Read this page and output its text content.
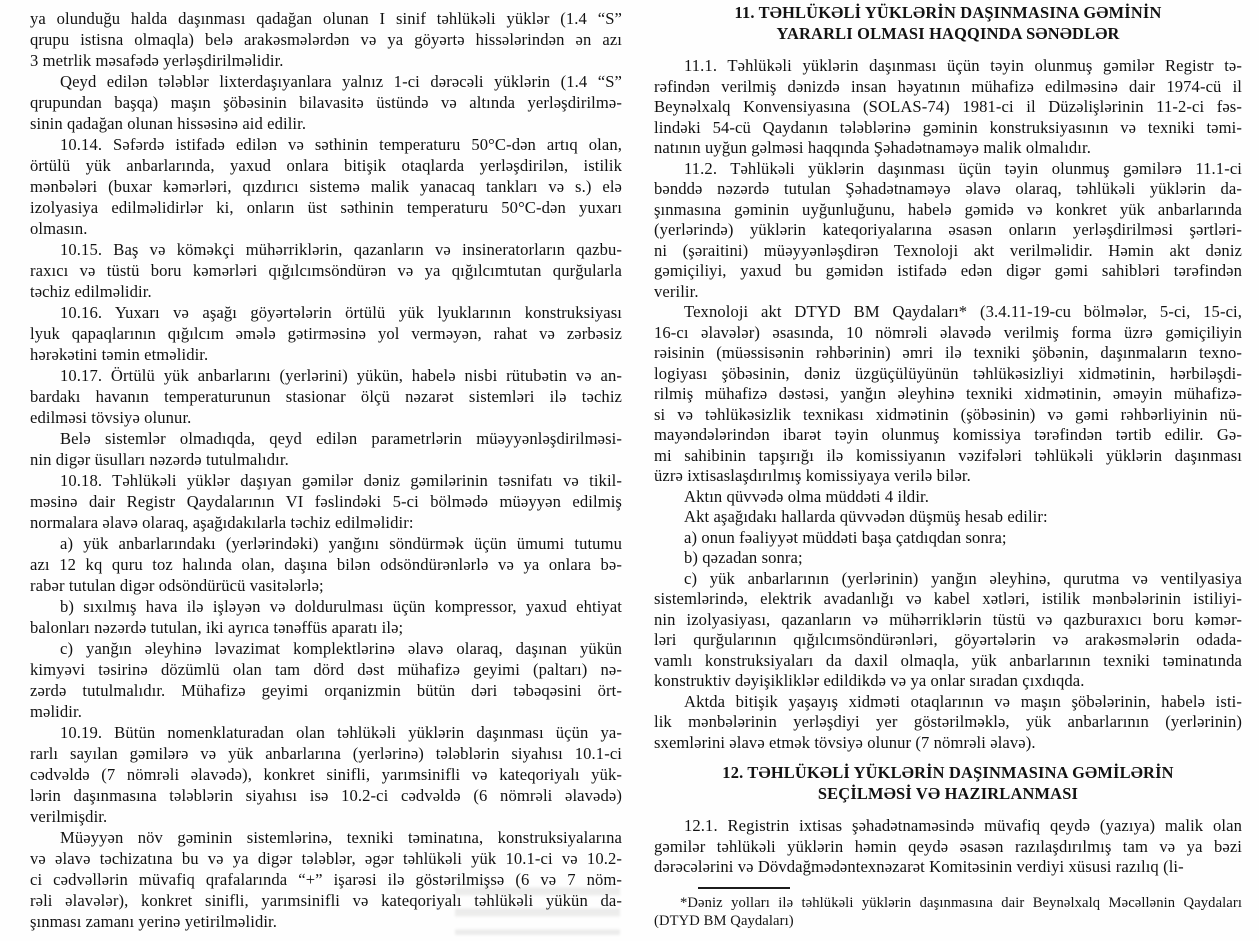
ya olunduğu halda daşınması qadağan olunan I sinif təhlükəli yüklər (1.4 “S”
qrupu istisna olmaqla) belə arakəsmələrdən və ya göyərtə hissələrindən ən azı
3 metrlik məsafədə yerləşdirilməlidir.
Qeyd edilən tələblər lixterdaşıyanlara yalnız 1-ci dərəcəli yüklərin (1.4 “S”
qrupundan başqa) maşın şöbəsinin bilavasitə üstündə və altında yerləşdirilmə-
sinin qadağan olunan hissəsinə aid edilir.
10.14. Səfərdə istifadə edilən və səthinin temperaturu 50°C-dən artıq olan,
örtülü yük anbarlarında, yaxud onlara bitişik otaqlarda yerləşdirilən, istilik
mənbələri (buxar kəmərləri, qızdırıcı sistemə malik yanacaq tankları və s.) elə
izolyasiya edilməlidirlər ki, onların üst səthinin temperaturu 50°C-dən yuxarı
olmasın.
10.15. Baş və köməkçi mühərriklərin, qazanların və insineratorların qazbu-
raxıcı və tüstü boru kəmərləri qığılcımsöndürən və ya qığılcımtutan qurğularla
təchiz edilməlidir.
10.16. Yuxarı və aşağı göyərtələrin örtülü yük lyuklarının konstruksiyası
lyuk qapaqlarının qığılcım əmələ gətirməsinə yol verməyən, rahat və zərbəsiz
hərəkətini təmin etməlidir.
10.17. Örtülü yük anbarlarını (yerlərini) yükün, habelə nisbi rütubətin və an-
bardakı havanın temperaturunun stasionar ölçü nəzarət sistemləri ilə təchiz
edilməsi tövsiyə olunur.
Belə sistemlər olmadıqda, qeyd edilən parametrlərin müəyyənləşdirilməsi-
nin digər üsulları nəzərdə tutulmalıdır.
10.18. Təhlükəli yüklər daşıyan gəmilər dəniz gəmilərinin təsnifatı və tikil-
məsinə dair Registr Qaydalarının VI fəslindəki 5-ci bölmədə müəyyən edilmiş
normalara əlavə olaraq, aşağıdakılarla təchiz edilməlidir:
a) yük anbarlarındakı (yerlərindəki) yanğını söndürmək üçün ümumi tutumu
azı 12 kq quru toz halında olan, daşına bilən odsöndürənlərlə və ya onlara bə-
rabər tutulan digər odsöndürücü vasitələrlə;
b) sıxılmış hava ilə işləyən və doldurulması üçün kompressor, yaxud ehtiyat
balonları nəzərdə tutulan, iki ayrıca tənəffüs aparatı ilə;
c) yanğın əleyhinə ləvazimat komplektlərinə əlavə olaraq, daşınan yükün
kimyəvi təsirinə dözümlü olan tam dörd dəst mühafizə geyimi (paltarı) nə-
zərdə tutulmalıdır. Mühafizə geyimi orqanizmin bütün dəri təbəqəsini ört-
məlidir.
10.19. Bütün nomenklaturadan olan təhlükəli yüklərin daşınması üçün ya-
rarlı sayılan gəmilərə və yük anbarlarına (yerlərinə) tələblərin siyahısı 10.1-ci
cədvəldə (7 nömrəli əlavədə), konkret sinifli, yarımsinifli və kateqoriyalı yük-
lərin daşınmasına tələblərin siyahısı isə 10.2-ci cədvəldə (6 nömrəli əlavədə)
verilmişdir.
Müəyyən növ gəminin sistemlərinə, texniki təminatına, konstruksiyalarına
və əlavə təchizatına bu və ya digər tələblər, əgər təhlükəli yük 10.1-ci və 10.2-
ci cədvəllərin müvafiq qrafalarında “+” işarəsi ilə göstərilmişsə (6 və 7 nöm-
rəli əlavələr), konkret sinifli, yarımsinifli və kateqoriyalı təhlükəli yükün da-
şınması zamanı yerinə yetirilməlidir.
11. TƏHLÜKƏLİ YÜKLƏRİN DAŞINMASINA GƏMİNİN
YARARLI OLMASI HAQQINDA SƏNƏDLƏR
11.1. Təhlükəli yüklərin daşınması üçün təyin olunmuş gəmilər Registr tə-
rəfindən verilmiş dənizdə insan həyatının mühafizə edilməsinə dair 1974-cü il
Beynəlxalq Konvensiyasına (SOLAS-74) 1981-ci il Düzəlişlərinin 11-2-ci fəs-
lindəki 54-cü Qaydanın tələblərinə gəminin konstruksiyasının və texniki təmi-
natının uyğun gəlməsi haqqında Şəhadətnaməyə malik olmalıdır.
11.2. Təhlükəli yüklərin daşınması üçün təyin olunmuş gəmilərə 11.1-ci
bənddə nəzərdə tutulan Şəhadətnaməyə əlavə olaraq, təhlükəli yüklərin da-
şınmasına gəminin uyğunluğunu, habelə gəmidə və konkret yük anbarlarında
(yerlərində) yüklərin kateqoriyalarına əsasən onların yerləşdirilməsi şərtləri-
ni (şəraitini) müəyyənləşdirən Texnoloji akt verilməlidir. Həmin akt dəniz
gəmiçiliyi, yaxud bu gəmidən istifadə edən digər gəmi sahibləri tərəfindən
verilir.
Texnoloji akt DTYD BM Qaydaları* (3.4.11-19-cu bölmələr, 5-ci, 15-ci,
16-cı əlavələr) əsasında, 10 nömrəli əlavədə verilmiş forma üzrə gəmiçiliyin
rəisinin (müəssisənin rəhbərinin) əmri ilə texniki şöbənin, daşınmaların texno-
logiyası şöbəsinin, dəniz üzgüçülüyünün təhlükəsizliyi xidmətinin, hərbiləşdi-
rilmiş mühafizə dəstəsi, yanğın əleyhinə texniki xidmətinin, əməyin mühafizə-
si və təhlükəsizlik texnikası xidmətinin (şöbəsinin) və gəmi rəhbərliyinin nü-
mayəndələrindən ibarət təyin olunmuş komissiya tərəfindən tərtib edilir. Gə-
mi sahibinin tapşırığı ilə komissiyanın vəzifələri təhlükəli yüklərin daşınması
üzrə ixtisaslaşdırılmış komissiyaya verilə bilər.
Aktın qüvvədə olma müddəti 4 ildir.
Akt aşağıdakı hallarda qüvvədən düşmüş hesab edilir:
a) onun fəaliyyət müddəti başa çatdıqdan sonra;
b) qəzadan sonra;
c) yük anbarlarının (yerlərinin) yanğın əleyhinə, qurutma və ventilyasiya
sistemlərində, elektrik avadanlığı və kabel xətləri, istilik mənbələrinin istiliyi-
nin izolyasiyası, qazanların və mühərriklərin tüstü və qazburaxıcı boru kəmər-
ləri qurğularının qığılcımsöndürənləri, göyərtələrin və arakəsmələrin odada-
vamlı konstruksiyaları da daxil olmaqla, yük anbarlarının texniki təminatında
konstruktiv dəyişikliklər edildikdə və ya onlar sıradan çıxdıqda.
Aktda bitişik yaşayış xidməti otaqlarının və maşın şöbələrinin, habelə isti-
lik mənbələrinin yerləşdiyi yer göstərilməklə, yük anbarlarının (yerlərinin)
sxemlərini əlavə etmək tövsiyə olunur (7 nömrəli əlavə).
12. TƏHLÜKƏLİ YÜKLƏRİN DAŞINMASINA GƏMİLƏRİN
SEÇİLMƏSİ VƏ HAZIRLANMASI
12.1. Registrin ixtisas şəhadətnaməsində müvafiq qeydə (yazıya) malik olan
gəmilər təhlükəli yüklərin həmin qeydə əsasən razılaşdırılmış tam və ya bəzi
dərəcələrini və Dövdağmədəntexnəzarət Komitəsinin verdiyi xüsusi razılıq (li-
*Dəniz yolları ilə təhlükəli yüklərin daşınmasına dair Beynəlxalq Məcəllənin Qaydaları
(DTYD BM Qaydaları)
